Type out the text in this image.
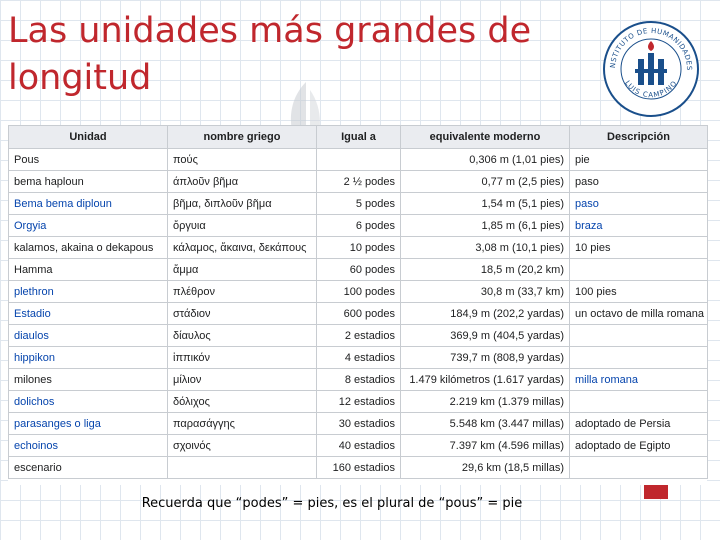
Las unidades más grandes de longitud	NSTITUTO DE HUMANIDADES
LUIS CAMPINO
Unidad	nombre griego	Igual a	equivalente moderno	Descripción
Pous	πούς		0,306 m (1,01 pies)	pie
bema haploun	άπλοῦν βῆμα	2 ½ podes	0,77 m (2,5 pies)	paso
Bema bema diploun	βῆμα, διπλοῦν βῆμα	5 podes	1,54 m (5,1 pies)	paso
Orgyia	ὄργυια	6 podes	1,85 m (6,1 pies)	braza
kalamos, akaina o dekapous	κάλαμος, ἄκαινα, δεκάπους	10 podes	3,08 m (10,1 pies)	10 pies
Hamma	ἅμμα	60 podes	18,5 m (20,2 km)	
plethron	πλέθρον	100 podes	30,8 m (33,7 km)	100 pies
Estadio	στάδιον	600 podes	184,9 m (202,2 yardas)	un octavo de milla romana
diaulos	δίαυλος	2 estadios	369,9 m (404,5 yardas)	
hippikon	ἱππικόν	4 estadios	739,7 m (808,9 yardas)	
milones	μίλιον	8 estadios	1.479 kilómetros (1.617 yardas)	milla romana
dolichos	δόλιχος	12 estadios	2.219 km (1.379 millas)	
parasanges o liga	παρασάγγης	30 estadios	5.548 km (3.447 millas)	adoptado de Persia
echoinos	σχοινός	40 estadios	7.397 km (4.596 millas)	adoptado de Egipto
escenario		160 estadios	29,6 km (18,5 millas)	
Recuerda que “podes” = pies, es el plural de “pous” = pie
